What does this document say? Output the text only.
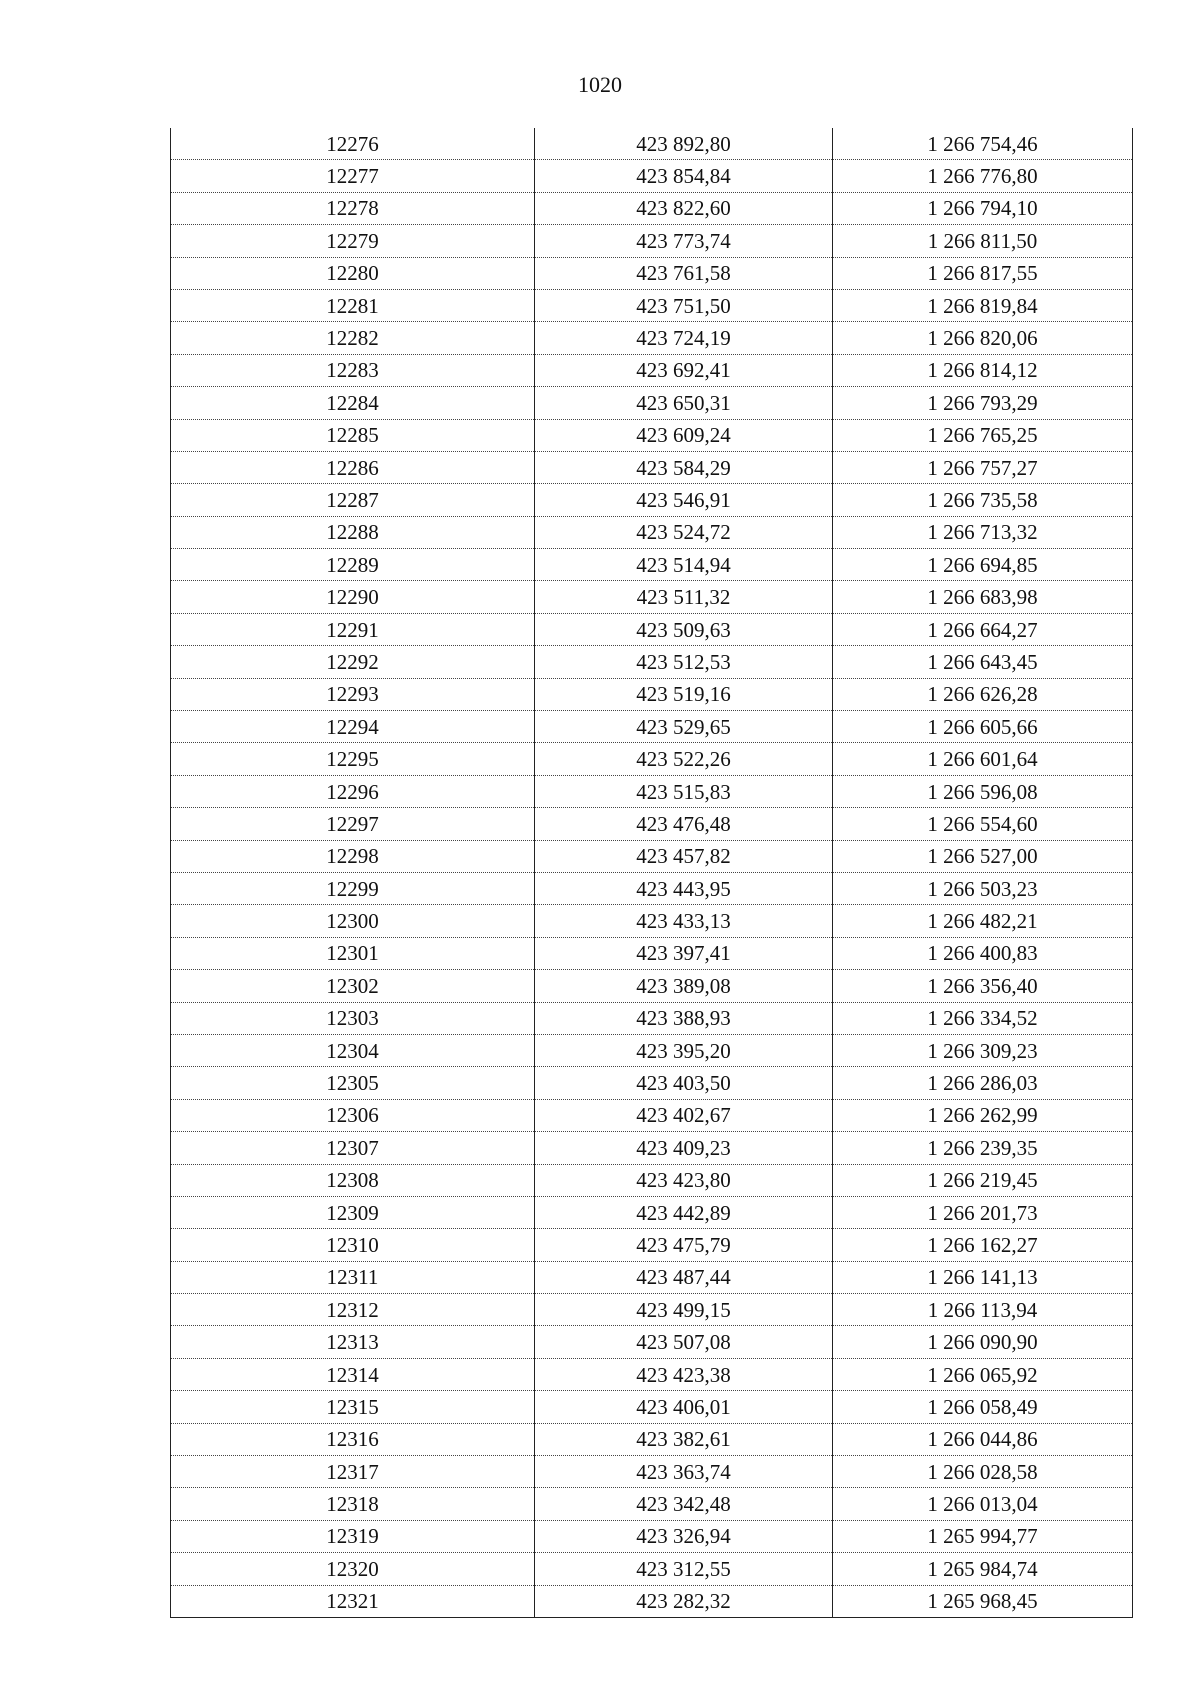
1020
12276	423 892,80	1 266 754,46
12277	423 854,84	1 266 776,80
12278	423 822,60	1 266 794,10
12279	423 773,74	1 266 811,50
12280	423 761,58	1 266 817,55
12281	423 751,50	1 266 819,84
12282	423 724,19	1 266 820,06
12283	423 692,41	1 266 814,12
12284	423 650,31	1 266 793,29
12285	423 609,24	1 266 765,25
12286	423 584,29	1 266 757,27
12287	423 546,91	1 266 735,58
12288	423 524,72	1 266 713,32
12289	423 514,94	1 266 694,85
12290	423 511,32	1 266 683,98
12291	423 509,63	1 266 664,27
12292	423 512,53	1 266 643,45
12293	423 519,16	1 266 626,28
12294	423 529,65	1 266 605,66
12295	423 522,26	1 266 601,64
12296	423 515,83	1 266 596,08
12297	423 476,48	1 266 554,60
12298	423 457,82	1 266 527,00
12299	423 443,95	1 266 503,23
12300	423 433,13	1 266 482,21
12301	423 397,41	1 266 400,83
12302	423 389,08	1 266 356,40
12303	423 388,93	1 266 334,52
12304	423 395,20	1 266 309,23
12305	423 403,50	1 266 286,03
12306	423 402,67	1 266 262,99
12307	423 409,23	1 266 239,35
12308	423 423,80	1 266 219,45
12309	423 442,89	1 266 201,73
12310	423 475,79	1 266 162,27
12311	423 487,44	1 266 141,13
12312	423 499,15	1 266 113,94
12313	423 507,08	1 266 090,90
12314	423 423,38	1 266 065,92
12315	423 406,01	1 266 058,49
12316	423 382,61	1 266 044,86
12317	423 363,74	1 266 028,58
12318	423 342,48	1 266 013,04
12319	423 326,94	1 265 994,77
12320	423 312,55	1 265 984,74
12321	423 282,32	1 265 968,45
